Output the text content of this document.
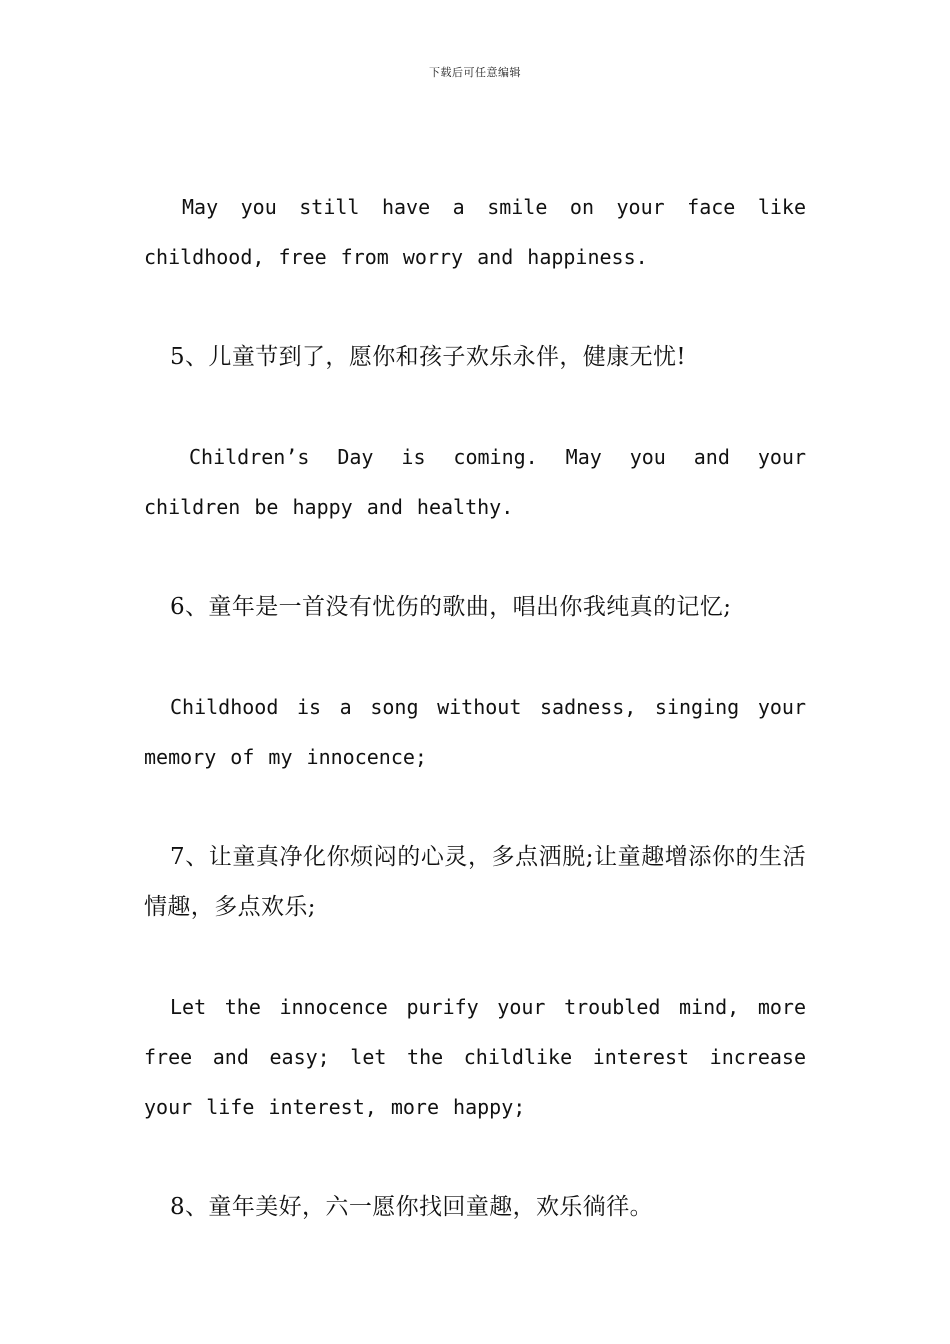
下载后可任意编辑

May you still have a smile on your face like childhood, free from worry and happiness.

5、儿童节到了，愿你和孩子欢乐永伴，健康无忧!

Children’s Day is coming. May you and your children be happy and healthy.

6、童年是一首没有忧伤的歌曲，唱出你我纯真的记忆;

Childhood is a song without sadness, singing your memory of my innocence;

7、让童真净化你烦闷的心灵，多点洒脱;让童趣增添你的生活情趣，多点欢乐;

Let the innocence purify your troubled mind, more free and easy; let the childlike interest increase your life interest, more happy;

8、童年美好，六一愿你找回童趣，欢乐徜徉。
